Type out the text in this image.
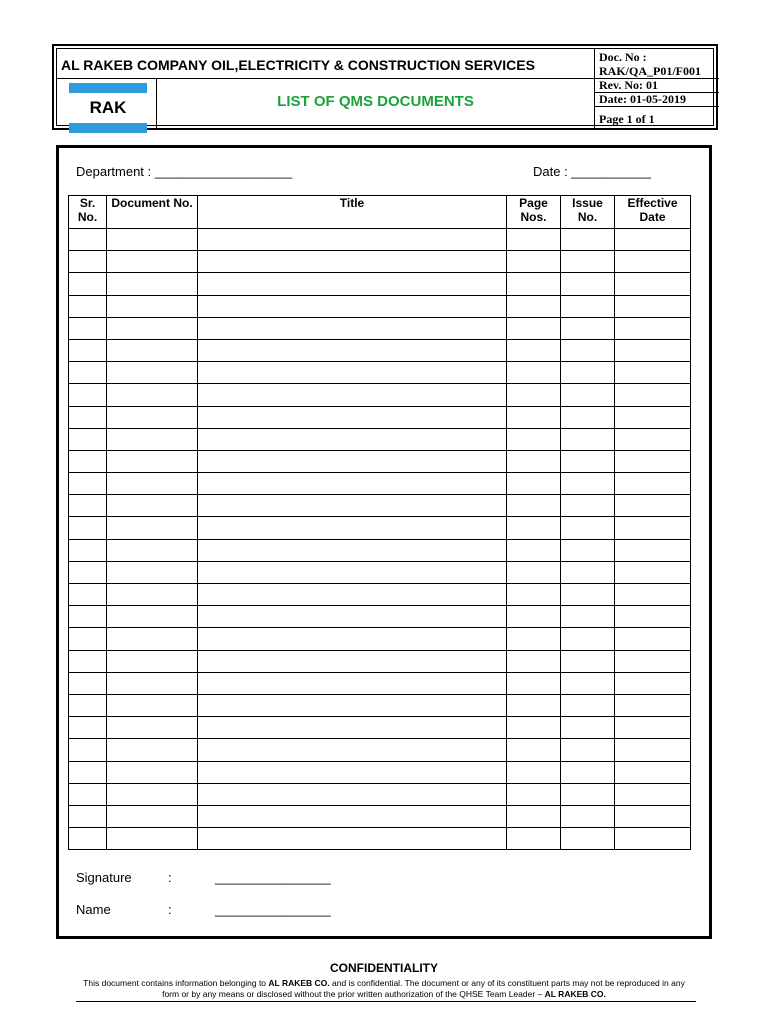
AL RAKEB COMPANY OIL,ELECTRICITY & CONSTRUCTION SERVICES
RAK	LIST OF QMS DOCUMENTS
Doc. No :
RAK/QA_P01/F001
Rev. No: 01
Date: 01-05-2019
Page 1 of 1
Department : ___________________	Date : ___________
Sr. No.	Document No.	Title	Page Nos.	Issue No.	Effective Date

Signature	:	________________
Name	:	________________
CONFIDENTIALITY
This document contains information belonging to AL RAKEB CO. and is confidential. The document or any of its constituent parts may not be reproduced in any form or by any means or disclosed without the prior written authorization of the QHSE Team Leader – AL RAKEB CO.
